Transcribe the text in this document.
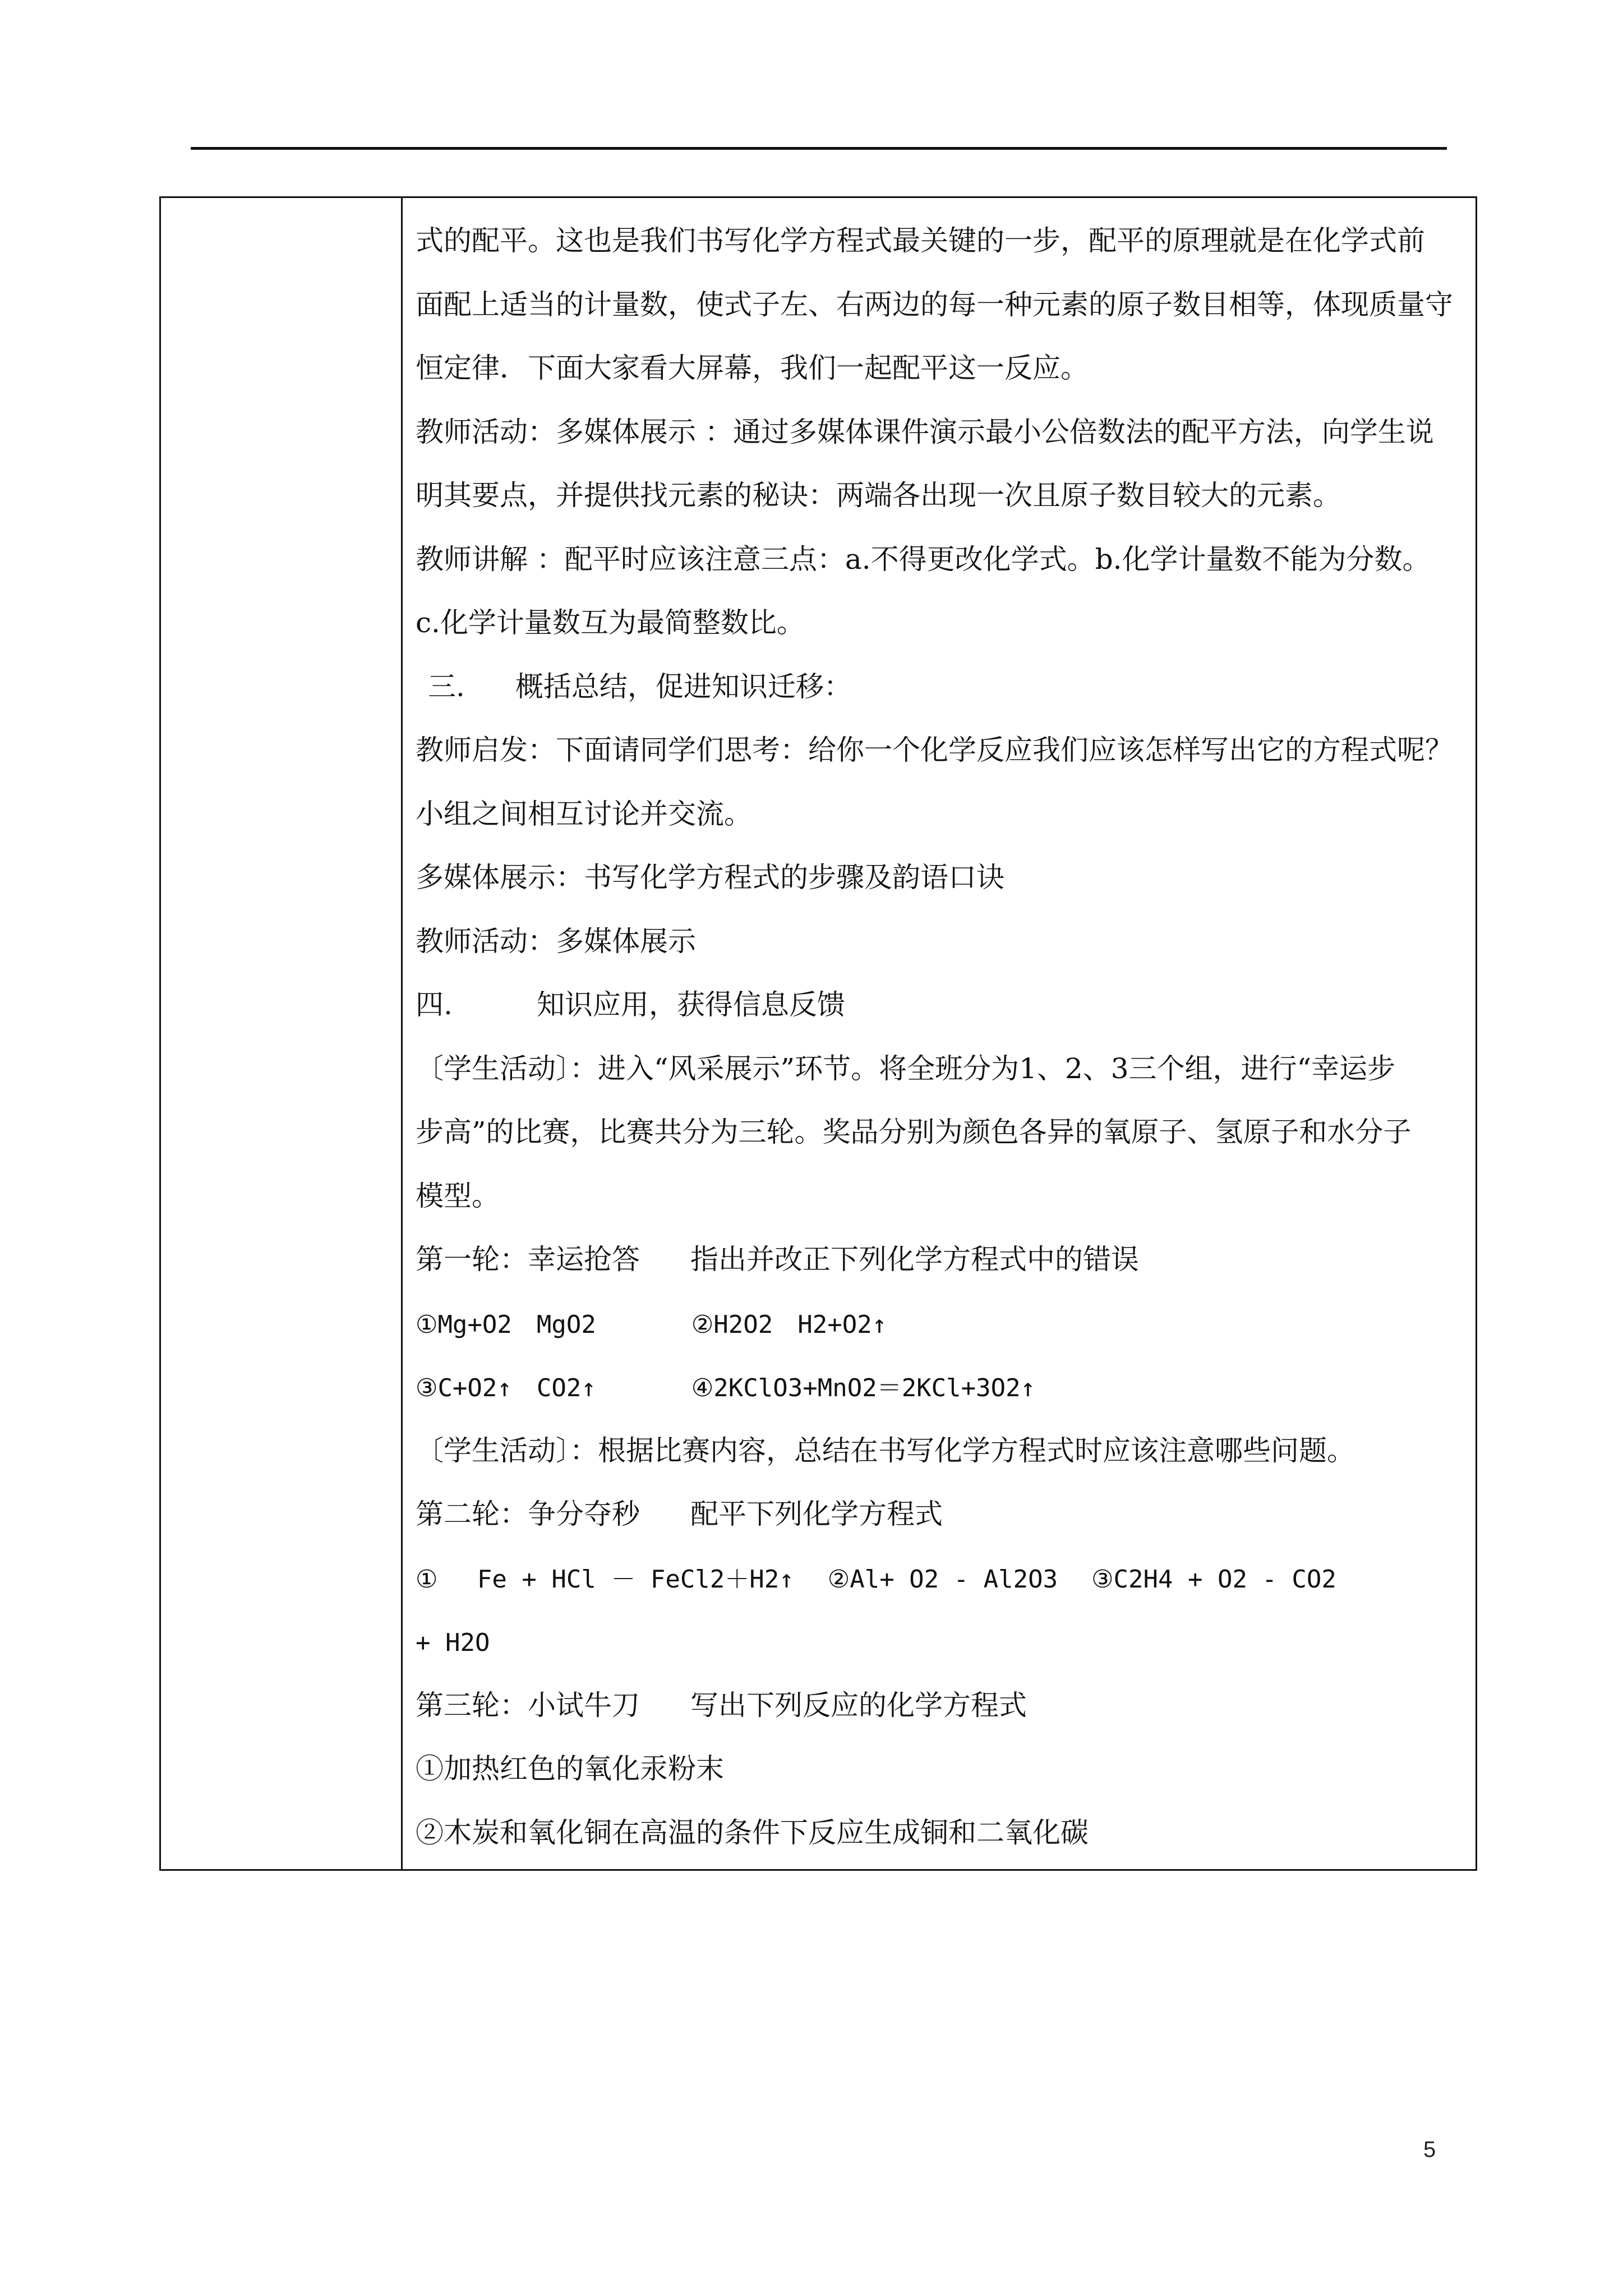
式的配平。这也是我们书写化学方程式最关键的一步，配平的原理就是在化学式前
面配上适当的计量数，使式子左、右两边的每一种元素的原子数目相等，体现质量守
恒定律．下面大家看大屏幕，我们一起配平这一反应。
教师活动：多媒体展示 ：通过多媒体课件演示最小公倍数法的配平方法，向学生说
明其要点，并提供找元素的秘诀：两端各出现一次且原子数目较大的元素。
教师讲解 ：配平时应该注意三点：a.不得更改化学式。b.化学计量数不能为分数。
c.化学计量数互为最简整数比。
三. 概括总结，促进知识迁移：
教师启发：下面请同学们思考：给你一个化学反应我们应该怎样写出它的方程式呢？
小组之间相互讨论并交流。
多媒体展示：书写化学方程式的步骤及韵语口诀
教师活动：多媒体展示
四.	知识应用，获得信息反馈
〔学生活动〕：进入“风采展示”环节。将全班分为1、2、3三个组，进行“幸运步
步高”的比赛，比赛共分为三轮。奖品分别为颜色各异的氧原子、氢原子和水分子
模型。
第一轮：幸运抢答 指出并改正下列化学方程式中的错误
①Mg+O2　MgO2	②H2O2　H2+O2↑
③C+O2↑　CO2↑	④2KClO3+MnO2＝2KCl+3O2↑
〔学生活动〕：根据比赛内容，总结在书写化学方程式时应该注意哪些问题。
第二轮：争分夺秒 配平下列化学方程式
①　 Fe + HCl － FeCl2＋H2↑ ②Al+ O2 - Al2O3 ③C2H4 + O2 - CO2
+ H2O
第三轮：小试牛刀 写出下列反应的化学方程式
①加热红色的氧化汞粉末
②木炭和氧化铜在高温的条件下反应生成铜和二氧化碳
5
